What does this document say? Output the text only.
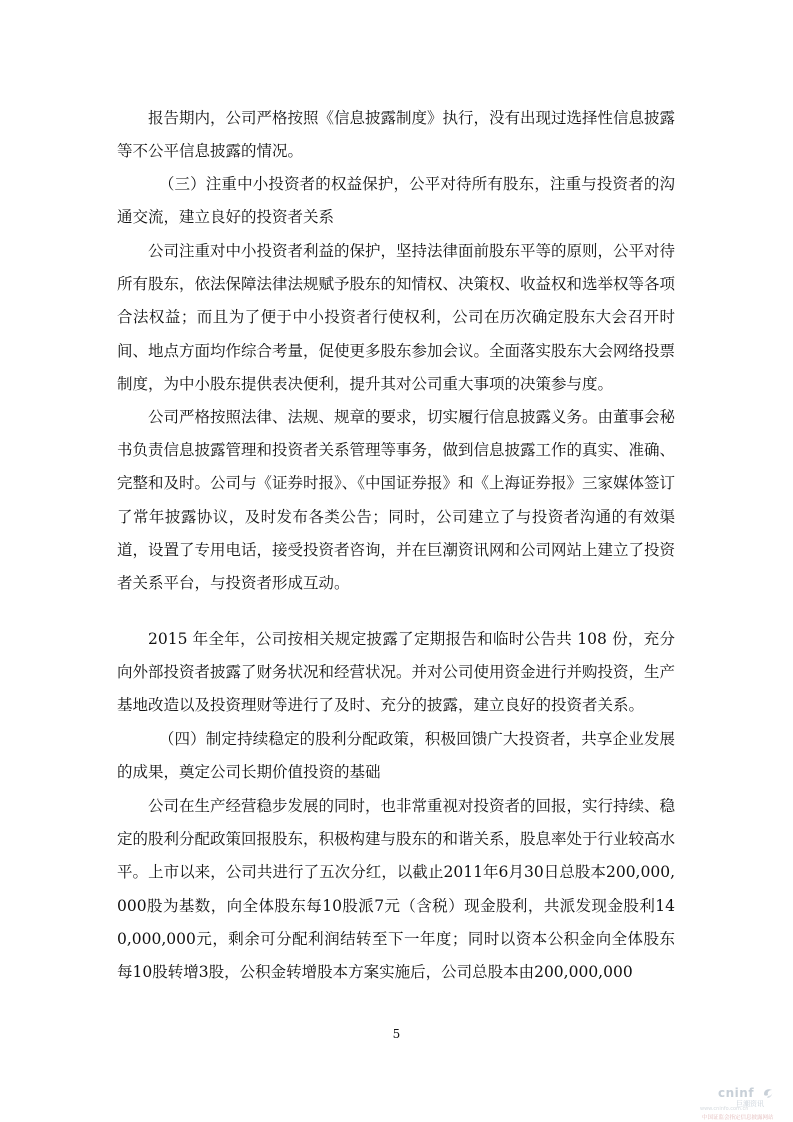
报告期内，公司严格按照《信息披露制度》执行，没有出现过选择性信息披露等不公平信息披露的情况。

（三）注重中小投资者的权益保护，公平对待所有股东，注重与投资者的沟通交流，建立良好的投资者关系

公司注重对中小投资者利益的保护，坚持法律面前股东平等的原则，公平对待所有股东，依法保障法律法规赋予股东的知情权、决策权、收益权和选举权等各项合法权益；而且为了便于中小投资者行使权利，公司在历次确定股东大会召开时间、地点方面均作综合考量，促使更多股东参加会议。全面落实股东大会网络投票制度，为中小股东提供表决便利，提升其对公司重大事项的决策参与度。

公司严格按照法律、法规、规章的要求，切实履行信息披露义务。由董事会秘书负责信息披露管理和投资者关系管理等事务，做到信息披露工作的真实、准确、完整和及时。公司与《证券时报》、《中国证券报》和《上海证券报》三家媒体签订了常年披露协议，及时发布各类公告；同时，公司建立了与投资者沟通的有效渠道，设置了专用电话，接受投资者咨询，并在巨潮资讯网和公司网站上建立了投资者关系平台，与投资者形成互动。

2015 年全年，公司按相关规定披露了定期报告和临时公告共 108 份，充分向外部投资者披露了财务状况和经营状况。并对公司使用资金进行并购投资，生产基地改造以及投资理财等进行了及时、充分的披露，建立良好的投资者关系。

（四）制定持续稳定的股利分配政策，积极回馈广大投资者，共享企业发展的成果，奠定公司长期价值投资的基础

公司在生产经营稳步发展的同时，也非常重视对投资者的回报，实行持续、稳定的股利分配政策回报股东，积极构建与股东的和谐关系，股息率处于行业较高水平。上市以来，公司共进行了五次分红，以截止2011年6月30日总股本200,000,000股为基数，向全体股东每10股派7元（含税）现金股利，共派发现金股利140,000,000元，剩余可分配利润结转至下一年度；同时以资本公积金向全体股东每10股转增3股，公积金转增股本方案实施后，公司总股本由200,000,000

5
cninf
巨潮资讯
www.cninfo.com.cn
中国证监会指定信息披露网站
